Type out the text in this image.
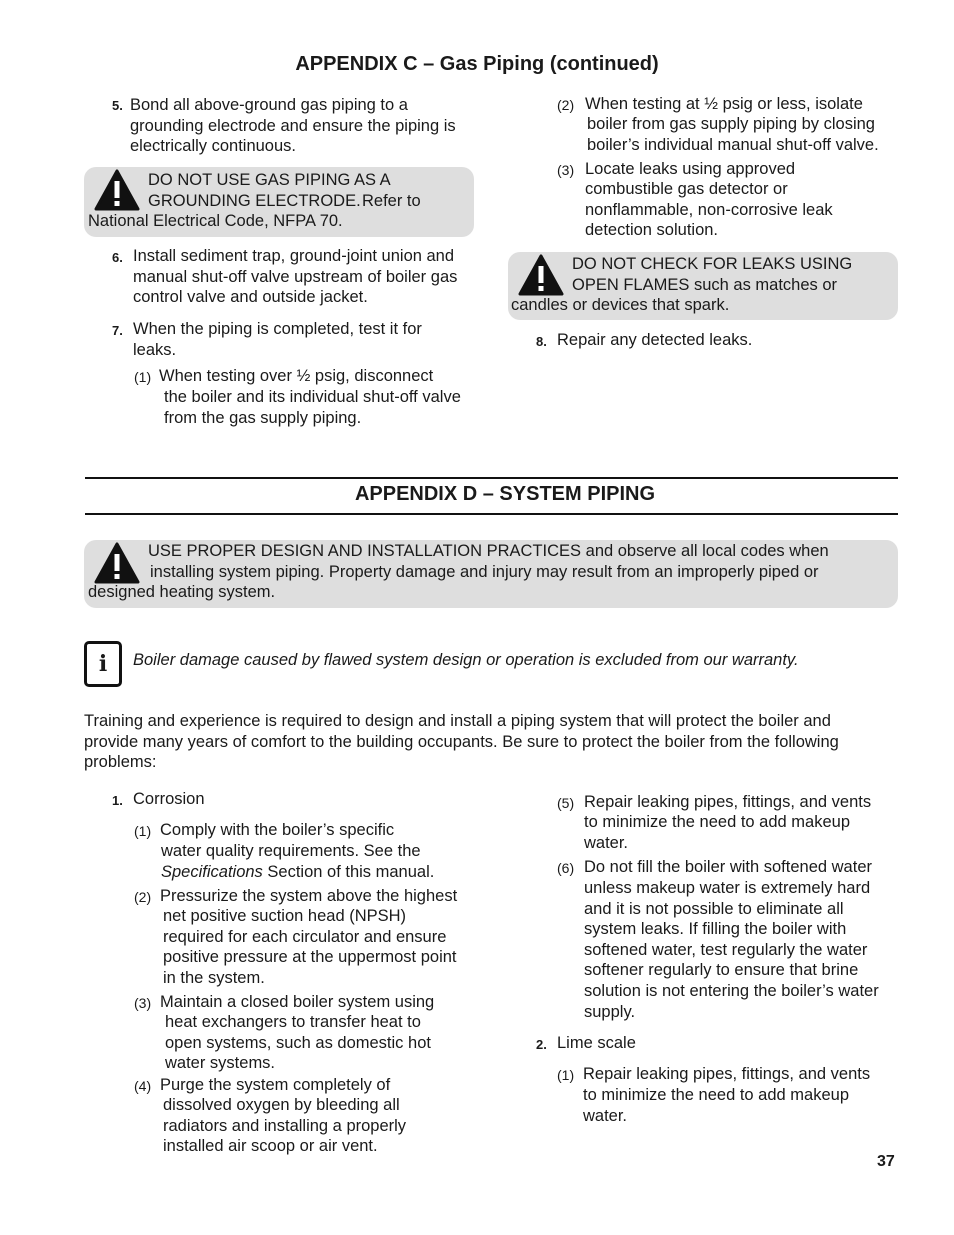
APPENDIX C – Gas Piping (continued)
5. Bond all above-ground gas piping to a
grounding electrode and ensure the piping is
electrically continuous.

DO NOT USE GAS PIPING AS A
GROUNDING ELECTRODE. Refer to

National Electrical Code, NFPA 70.

6. Install sediment trap, ground-joint union and
manual shut-off valve upstream of boiler gas
control valve and outside jacket.

7. When the piping is completed, test it for
leaks.

(1) When testing over ½ psig, disconnect

the boiler and its individual shut-off valve
from the gas supply piping.

(2) When testing at ½ psig or less, isolate

boiler from gas supply piping by closing
boiler’s individual manual shut-off valve.

(3) Locate leaks using approved

combustible gas detector or
nonflammable, non-corrosive leak
detection solution.

DO NOT CHECK FOR LEAKS USING

OPEN FLAMES such as matches or

candles or devices that spark.

8. Repair any detected leaks.

APPENDIX D – SYSTEM PIPING

USE PROPER DESIGN AND INSTALLATION PRACTICES and observe all local codes when

installing system piping. Property damage and injury may result from an improperly piped or

designed heating system.

i	Boiler damage caused by flawed system design or operation is excluded from our warranty.

Training and experience is required to design and install a piping system that will protect the boiler and
provide many years of comfort to the building occupants. Be sure to protect the boiler from the following
problems:

1. Corrosion

(1) Comply with the boiler’s specific

water quality requirements. See the

Specifications Section of this manual.

(2) Pressurize the system above the highest

net positive suction head (NPSH)
required for each circulator and ensure
positive pressure at the uppermost point
in the system.

(3) Maintain a closed boiler system using

heat exchangers to transfer heat to
open systems, such as domestic hot
water systems.

(4) Purge the system completely of

dissolved oxygen by bleeding all
radiators and installing a properly
installed air scoop or air vent.

(5) Repair leaking pipes, fittings, and vents

to minimize the need to add makeup
water.

(6) Do not fill the boiler with softened water

unless makeup water is extremely hard
and it is not possible to eliminate all
system leaks. If filling the boiler with
softened water, test regularly the water
softener regularly to ensure that brine
solution is not entering the boiler’s water
supply.

2. Lime scale

(1) Repair leaking pipes, fittings, and vents

to minimize the need to add makeup
water.

37
